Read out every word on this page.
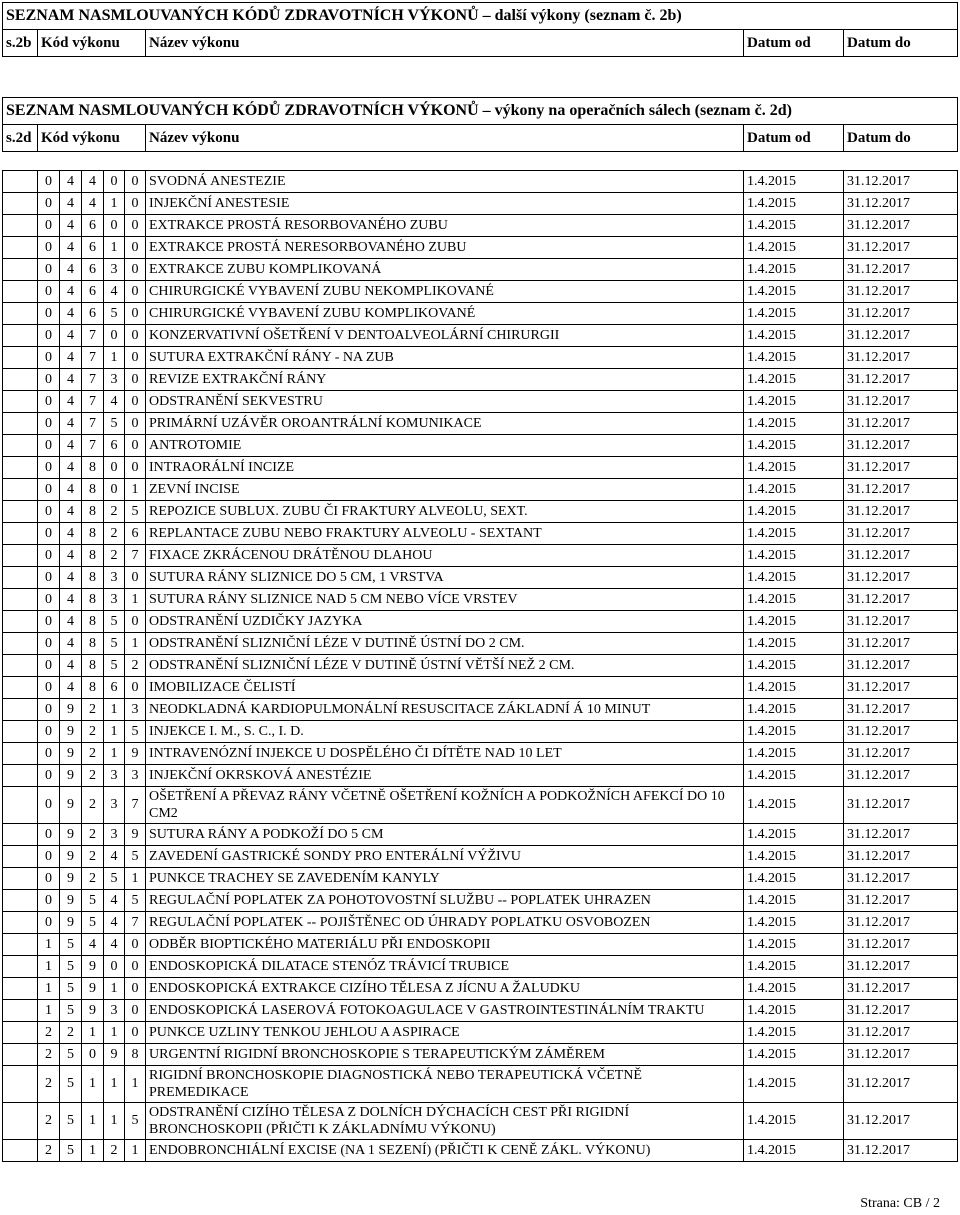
SEZNAM NASMLOUVANÝCH KÓDŮ ZDRAVOTNÍCH VÝKONŮ – další výkony (seznam č. 2b)
s.2b	Kód výkonu	Název výkonu	Datum od	Datum do
SEZNAM NASMLOUVANÝCH KÓDŮ ZDRAVOTNÍCH VÝKONŮ – výkony na operačních sálech (seznam č. 2d)								
s.2d	Kód výkonu					Název výkonu	Datum od	Datum do

	0	4	4	0	0	SVODNÁ ANESTEZIE	1.4.2015	31.12.2017
	0	4	4	1	0	INJEKČNÍ ANESTESIE	1.4.2015	31.12.2017
	0	4	6	0	0	EXTRAKCE PROSTÁ RESORBOVANÉHO ZUBU	1.4.2015	31.12.2017
	0	4	6	1	0	EXTRAKCE PROSTÁ NERESORBOVANÉHO ZUBU	1.4.2015	31.12.2017
	0	4	6	3	0	EXTRAKCE ZUBU KOMPLIKOVANÁ	1.4.2015	31.12.2017
	0	4	6	4	0	CHIRURGICKÉ VYBAVENÍ ZUBU NEKOMPLIKOVANÉ	1.4.2015	31.12.2017
	0	4	6	5	0	CHIRURGICKÉ VYBAVENÍ ZUBU KOMPLIKOVANÉ	1.4.2015	31.12.2017
	0	4	7	0	0	KONZERVATIVNÍ OŠETŘENÍ V DENTOALVEOLÁRNÍ CHIRURGII	1.4.2015	31.12.2017
	0	4	7	1	0	SUTURA EXTRAKČNÍ RÁNY - NA ZUB	1.4.2015	31.12.2017
	0	4	7	3	0	REVIZE EXTRAKČNÍ RÁNY	1.4.2015	31.12.2017
	0	4	7	4	0	ODSTRANĚNÍ SEKVESTRU	1.4.2015	31.12.2017
	0	4	7	5	0	PRIMÁRNÍ UZÁVĚR OROANTRÁLNÍ KOMUNIKACE	1.4.2015	31.12.2017
	0	4	7	6	0	ANTROTOMIE	1.4.2015	31.12.2017
	0	4	8	0	0	INTRAORÁLNÍ INCIZE	1.4.2015	31.12.2017
	0	4	8	0	1	ZEVNÍ INCISE	1.4.2015	31.12.2017
	0	4	8	2	5	REPOZICE SUBLUX. ZUBU ČI FRAKTURY ALVEOLU, SEXT.	1.4.2015	31.12.2017
	0	4	8	2	6	REPLANTACE ZUBU NEBO FRAKTURY ALVEOLU - SEXTANT	1.4.2015	31.12.2017
	0	4	8	2	7	FIXACE ZKRÁCENOU DRÁTĚNOU DLAHOU	1.4.2015	31.12.2017
	0	4	8	3	0	SUTURA RÁNY SLIZNICE DO 5 CM, 1 VRSTVA	1.4.2015	31.12.2017
	0	4	8	3	1	SUTURA RÁNY SLIZNICE NAD 5 CM NEBO VÍCE VRSTEV	1.4.2015	31.12.2017
	0	4	8	5	0	ODSTRANĚNÍ UZDIČKY JAZYKA	1.4.2015	31.12.2017
	0	4	8	5	1	ODSTRANĚNÍ SLIZNIČNÍ LÉZE V DUTINĚ ÚSTNÍ DO 2 CM.	1.4.2015	31.12.2017
	0	4	8	5	2	ODSTRANĚNÍ SLIZNIČNÍ LÉZE V DUTINĚ ÚSTNÍ VĚTŠÍ NEŽ 2 CM.	1.4.2015	31.12.2017
	0	4	8	6	0	IMOBILIZACE ČELISTÍ	1.4.2015	31.12.2017
	0	9	2	1	3	NEODKLADNÁ KARDIOPULMONÁLNÍ RESUSCITACE ZÁKLADNÍ Á 10 MINUT	1.4.2015	31.12.2017
	0	9	2	1	5	INJEKCE I. M., S. C., I. D.	1.4.2015	31.12.2017
	0	9	2	1	9	INTRAVENÓZNÍ INJEKCE U DOSPĚLÉHO ČI DÍTĚTE NAD 10 LET	1.4.2015	31.12.2017
	0	9	2	3	3	INJEKČNÍ OKRSKOVÁ ANESTÉZIE	1.4.2015	31.12.2017
	0	9	2	3	7	OŠETŘENÍ A PŘEVAZ RÁNY VČETNĚ OŠETŘENÍ KOŽNÍCH A PODKOŽNÍCH AFEKCÍ DO 10 CM2	1.4.2015	31.12.2017
	0	9	2	3	9	SUTURA RÁNY A PODKOŽÍ DO 5 CM	1.4.2015	31.12.2017
	0	9	2	4	5	ZAVEDENÍ GASTRICKÉ SONDY PRO ENTERÁLNÍ VÝŽIVU	1.4.2015	31.12.2017
	0	9	2	5	1	PUNKCE TRACHEY SE ZAVEDENÍM KANYLY	1.4.2015	31.12.2017
	0	9	5	4	5	REGULAČNÍ POPLATEK ZA POHOTOVOSTNÍ SLUŽBU -- POPLATEK UHRAZEN	1.4.2015	31.12.2017
	0	9	5	4	7	REGULAČNÍ POPLATEK -- POJIŠTĚNEC OD ÚHRADY POPLATKU OSVOBOZEN	1.4.2015	31.12.2017
	1	5	4	4	0	ODBĚR BIOPTICKÉHO MATERIÁLU PŘI ENDOSKOPII	1.4.2015	31.12.2017
	1	5	9	0	0	ENDOSKOPICKÁ DILATACE STENÓZ TRÁVICÍ TRUBICE	1.4.2015	31.12.2017
	1	5	9	1	0	ENDOSKOPICKÁ EXTRAKCE CIZÍHO TĚLESA Z JÍCNU A ŽALUDKU	1.4.2015	31.12.2017
	1	5	9	3	0	ENDOSKOPICKÁ LASEROVÁ FOTOKOAGULACE V GASTROINTESTINÁLNÍM TRAKTU	1.4.2015	31.12.2017
	2	2	1	1	0	PUNKCE UZLINY TENKOU JEHLOU A ASPIRACE	1.4.2015	31.12.2017
	2	5	0	9	8	URGENTNÍ RIGIDNÍ BRONCHOSKOPIE S TERAPEUTICKÝM ZÁMĚREM	1.4.2015	31.12.2017
	2	5	1	1	1	RIGIDNÍ BRONCHOSKOPIE DIAGNOSTICKÁ NEBO TERAPEUTICKÁ VČETNĚ PREMEDIKACE	1.4.2015	31.12.2017
	2	5	1	1	5	ODSTRANĚNÍ CIZÍHO TĚLESA Z DOLNÍCH DÝCHACÍCH CEST PŘI RIGIDNÍ BRONCHOSKOPII (PŘIČTI K ZÁKLADNÍMU VÝKONU)	1.4.2015	31.12.2017
	2	5	1	2	1	ENDOBRONCHIÁLNÍ EXCISE (NA 1 SEZENÍ) (PŘIČTI K CENĚ ZÁKL. VÝKONU)	1.4.2015	31.12.2017
Strana: CB / 2
